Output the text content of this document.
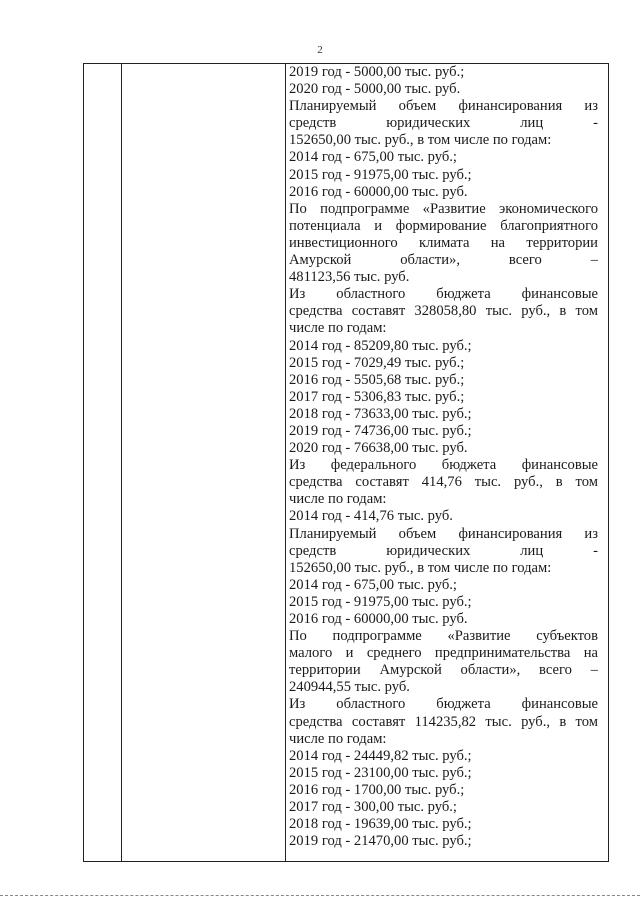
2
2019 год - 5000,00 тыс. руб.;
2020 год - 5000,00 тыс. руб.
Планируемый объем финансирования из
средств юридических лиц -
152650,00 тыс. руб., в том числе по годам:
2014 год - 675,00 тыс. руб.;
2015 год - 91975,00 тыс. руб.;
2016 год - 60000,00 тыс. руб.
По подпрограмме «Развитие экономического
потенциала и формирование благоприятного
инвестиционного климата на территории
Амурской области», всего –
481123,56 тыс. руб.
Из областного бюджета финансовые
средства составят 328058,80 тыс. руб., в том
числе по годам:
2014 год - 85209,80 тыс. руб.;
2015 год - 7029,49 тыс. руб.;
2016 год - 5505,68 тыс. руб.;
2017 год - 5306,83 тыс. руб.;
2018 год - 73633,00 тыс. руб.;
2019 год - 74736,00 тыс. руб.;
2020 год - 76638,00 тыс. руб.
Из федерального бюджета финансовые
средства составят 414,76 тыс. руб., в том
числе по годам:
2014 год - 414,76 тыс. руб.
Планируемый объем финансирования из
средств юридических лиц -
152650,00 тыс. руб., в том числе по годам:
2014 год - 675,00 тыс. руб.;
2015 год - 91975,00 тыс. руб.;
2016 год - 60000,00 тыс. руб.
По подпрограмме «Развитие субъектов
малого и среднего предпринимательства на
территории Амурской области», всего –
240944,55 тыс. руб.
Из областного бюджета финансовые
средства составят 114235,82 тыс. руб., в том
числе по годам:
2014 год - 24449,82 тыс. руб.;
2015 год - 23100,00 тыс. руб.;
2016 год - 1700,00 тыс. руб.;
2017 год - 300,00 тыс. руб.;
2018 год - 19639,00 тыс. руб.;
2019 год - 21470,00 тыс. руб.;
